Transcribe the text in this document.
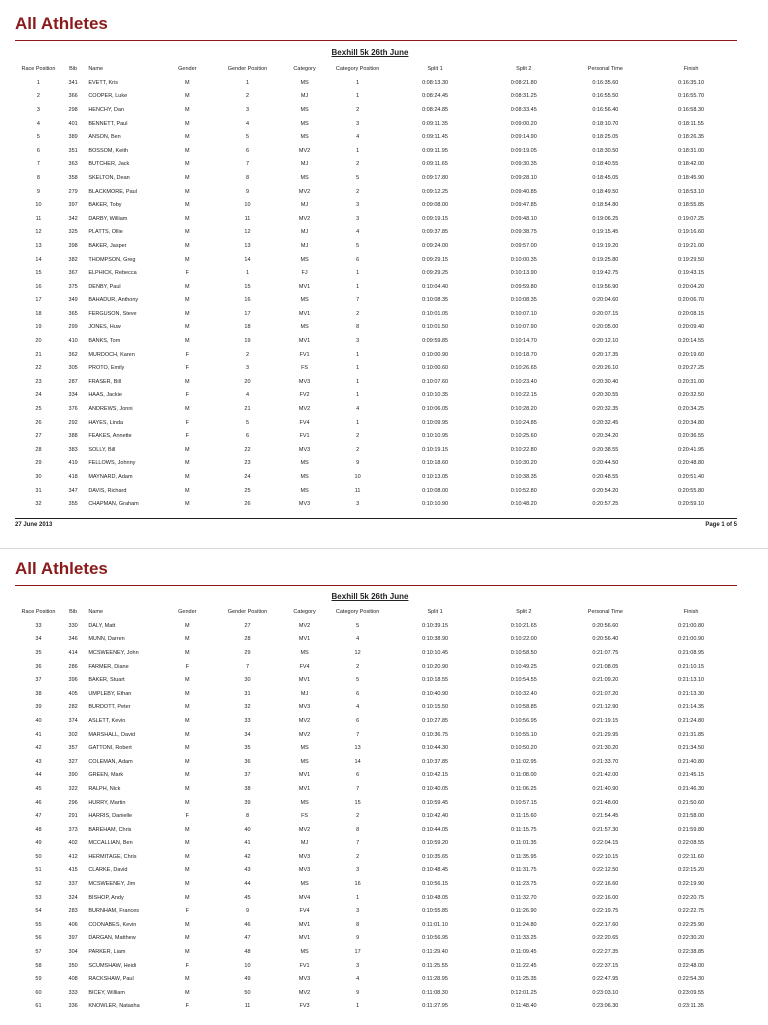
All Athletes

Bexhill 5k 26th June

Race Position	Bib	Name	Gender	Gender Position	Category	Category Position	Split 1	Split 2	Personal Time	Finish
1	341	EVETT, Kris	M	1	MS	1	0:08:13.30	0:08:21.80	0:16:35.60	0:16:35.10
2	366	COOPER, Luke	M	2	MJ	1	0:08:24.45	0:08:31.25	0:16:55.50	0:16:55.70
3	298	HENCHY, Dan	M	3	MS	2	0:08:24.85	0:08:33.45	0:16:56.40	0:16:58.30
4	401	BENNETT, Paul	M	4	MS	3	0:09:11.35	0:09:00.20	0:18:10.70	0:18:11.55
5	389	ANSON, Ben	M	5	MS	4	0:09:11.45	0:09:14.90	0:18:25.05	0:18:26.35
6	351	BOSSOM, Keith	M	6	MV2	1	0:09:11.95	0:09:19.05	0:18:30.50	0:18:31.00
7	363	BUTCHER, Jack	M	7	MJ	2	0:09:11.65	0:09:30.35	0:18:40.55	0:18:42.00
8	358	SKELTON, Dean	M	8	MS	5	0:09:17.80	0:09:28.10	0:18:45.05	0:18:45.90
9	279	BLACKMORE, Paul	M	9	MV2	2	0:09:12.25	0:09:40.85	0:18:49.50	0:18:53.10
10	397	BAKER, Toby	M	10	MJ	3	0:09:08.00	0:09:47.85	0:18:54.80	0:18:55.85
11	342	DARBY, William	M	11	MV2	3	0:09:19.15	0:09:48.10	0:19:06.25	0:19:07.25
12	325	PLATTS, Ollie	M	12	MJ	4	0:09:37.85	0:09:38.75	0:19:15.45	0:19:16.60
13	398	BAKER, Jasper	M	13	MJ	5	0:09:24.00	0:09:57.00	0:19:19.20	0:19:21.00
14	382	THOMPSON, Greg	M	14	MS	6	0:09:29.15	0:10:00.35	0:19:25.80	0:19:29.50
15	367	ELPHICK, Rebecca	F	1	FJ	1	0:09:29.25	0:10:13.90	0:19:42.75	0:19:43.15
16	375	DENBY, Paul	M	15	MV1	1	0:10:04.40	0:09:59.80	0:19:56.90	0:20:04.20
17	349	BAHADUR, Anthony	M	16	MS	7	0:10:08.35	0:10:08.35	0:20:04.60	0:20:06.70
18	365	FERGUSON, Steve	M	17	MV1	2	0:10:01.05	0:10:07.10	0:20:07.15	0:20:08.15
19	299	JONES, Huw	M	18	MS	8	0:10:01.50	0:10:07.90	0:20:05.00	0:20:09.40
20	410	BANKS, Tom	M	19	MV1	3	0:09:59.85	0:10:14.70	0:20:12.10	0:20:14.55
21	362	MURDOCH, Karen	F	2	FV1	1	0:10:00.90	0:10:18.70	0:20:17.35	0:20:19.60
22	305	PROTO, Emily	F	3	FS	1	0:10:00.60	0:10:26.65	0:20:26.10	0:20:27.25
23	287	FRASER, Bill	M	20	MV3	1	0:10:07.60	0:10:23.40	0:20:30.40	0:20:31.00
24	334	HAAS, Jackie	F	4	FV2	1	0:10:10.35	0:10:22.15	0:20:30.55	0:20:32.50
25	376	ANDREWS, Jonni	M	21	MV2	4	0:10:06.05	0:10:28.20	0:20:32.35	0:20:34.25
26	292	HAYES, Linda	F	5	FV4	1	0:10:09.95	0:10:24.85	0:20:32.45	0:20:34.80
27	388	FEAKES, Annette	F	6	FV1	2	0:10:10.95	0:10:25.60	0:20:34.20	0:20:36.55
28	383	SOLLY, Bill	M	22	MV3	2	0:10:19.15	0:10:22.80	0:20:38.55	0:20:41.95
29	419	FELLOWS, Johnny	M	23	MS	9	0:10:18.60	0:10:30.20	0:20:44.50	0:20:48.80
30	418	MAYNARD, Adam	M	24	MS	10	0:10:13.05	0:10:38.35	0:20:48.55	0:20:51.40
31	347	DAVIS, Richard	M	25	MS	11	0:10:08.00	0:10:52.80	0:20:54.20	0:20:55.80
32	355	CHAPMAN, Graham	M	26	MV3	3	0:10:10.90	0:10:48.20	0:20:57.25	0:20:59.10
27 June 2013	Page 1 of 5
All Athletes

Bexhill 5k 26th June

Race Position	Bib	Name	Gender	Gender Position	Category	Category Position	Split 1	Split 2	Personal Time	Finish
33	330	DALY, Matt	M	27	MV2	5	0:10:39.15	0:10:21.65	0:20:56.60	0:21:00.80
34	346	MUNN, Darren	M	28	MV1	4	0:10:38.90	0:10:22.00	0:20:56.40	0:21:00.90
35	414	MCSWEENEY, John	M	29	MS	12	0:10:10.45	0:10:58.50	0:21:07.75	0:21:08.95
36	286	FARMER, Diane	F	7	FV4	2	0:10:20.90	0:10:49.25	0:21:08.05	0:21:10.15
37	396	BAKER, Stuart	M	30	MV1	5	0:10:18.55	0:10:54.55	0:21:09.20	0:21:13.10
38	405	UMPLEBY, Ethan	M	31	MJ	6	0:10:40.90	0:10:32.40	0:21:07.20	0:21:13.30
39	282	BURDOTT, Peter	M	32	MV3	4	0:10:15.50	0:10:58.85	0:21:12.90	0:21:14.35
40	374	ASLETT, Kevin	M	33	MV2	6	0:10:27.85	0:10:56.95	0:21:19.15	0:21:24.80
41	302	MARSHALL, David	M	34	MV2	7	0:10:36.75	0:10:55.10	0:21:29.95	0:21:31.85
42	357	GATTONI, Robert	M	35	MS	13	0:10:44.30	0:10:50.20	0:21:30.20	0:21:34.50
43	327	COLEMAN, Adam	M	36	MS	14	0:10:37.85	0:11:02.95	0:21:33.70	0:21:40.80
44	390	GREEN, Mark	M	37	MV1	6	0:10:42.15	0:11:08.00	0:21:42.00	0:21:45.15
45	322	RALPH, Nick	M	38	MV1	7	0:10:40.05	0:11:06.25	0:21:40.90	0:21:46.30
46	296	HURRY, Martin	M	39	MS	15	0:10:59.45	0:10:57.15	0:21:48.00	0:21:50.60
47	291	HARRIS, Danielle	F	8	FS	2	0:10:42.40	0:11:15.60	0:21:54.45	0:21:58.00
48	373	BAREHAM, Chris	M	40	MV2	8	0:10:44.05	0:11:15.75	0:21:57.30	0:21:59.80
49	402	MCCALLIAN, Ben	M	41	MJ	7	0:10:59.20	0:11:01.35	0:22:04.15	0:22:08.55
50	412	HERMITAGE, Chris	M	42	MV3	2	0:10:35.65	0:11:35.95	0:22:10.15	0:22:11.60
51	415	CLARKE, David	M	43	MV3	3	0:10:48.45	0:11:31.75	0:22:12.50	0:22:15.20
52	337	MCSWEENEY, Jim	M	44	MS	16	0:10:56.15	0:11:23.75	0:22:16.60	0:22:19.90
53	324	BISHOP, Andy	M	45	MV4	1	0:10:48.05	0:11:32.70	0:22:16.00	0:22:20.75
54	283	BURNHAM, Frances	F	9	FV4	3	0:10:55.85	0:11:26.90	0:22:19.75	0:22:22.75
55	406	COONABES, Kevin	M	46	MV1	8	0:11:01.10	0:11:24.80	0:22:17.60	0:22:25.90
56	397	DARGAN, Matthew	M	47	MV1	9	0:10:56.95	0:11:33.25	0:22:20.65	0:22:30.20
57	304	PARKER, Liam	M	48	MS	17	0:11:29.40	0:11:09.45	0:22:27.35	0:22:38.85
58	350	SCUMSHAW, Heidi	F	10	FV1	3	0:11:25.55	0:11:22.45	0:22:37.15	0:22:48.00
59	408	RACKSHAW, Paul	M	49	MV3	4	0:11:28.95	0:11:25.35	0:22:47.95	0:22:54.30
60	333	BICEY, William	M	50	MV2	9	0:11:08.30	0:12:01.25	0:23:03.10	0:23:09.55
61	336	KNOWLER, Natasha	F	11	FV3	1	0:11:27.95	0:11:48.40	0:23:06.30	0:23:11.35
